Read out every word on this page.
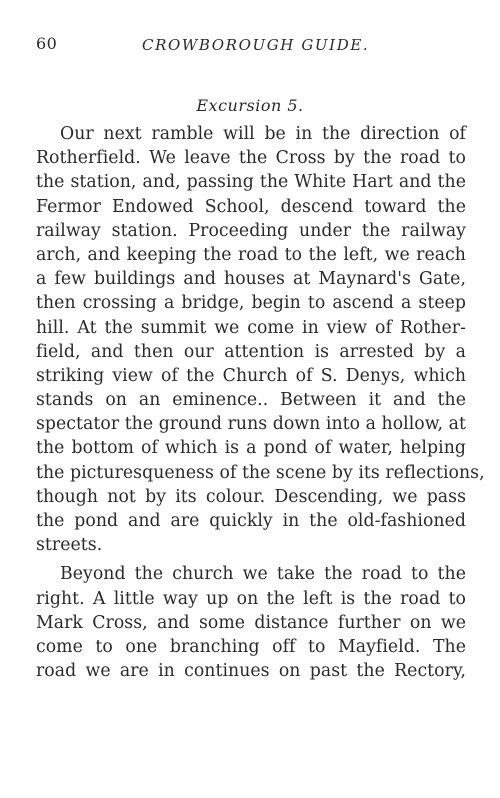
60	CROWBOROUGH GUIDE.
Excursion 5.
Our next ramble will be in the direction of
Rotherfield. We leave the Cross by the road to
the station, and, passing the White Hart and the
Fermor Endowed School, descend toward the
railway station. Proceeding under the railway
arch, and keeping the road to the left, we reach
a few buildings and houses at Maynard's Gate,
then crossing a bridge, begin to ascend a steep
hill. At the summit we come in view of Rother-
field, and then our attention is arrested by a
striking view of the Church of S. Denys, which
stands on an eminence.. Between it and the
spectator the ground runs down into a hollow, at
the bottom of which is a pond of water, helping
the picturesqueness of the scene by its reflections,
though not by its colour. Descending, we pass
the pond and are quickly in the old-fashioned
streets.
Beyond the church we take the road to the
right. A little way up on the left is the road to
Mark Cross, and some distance further on we
come to one branching off to Mayfield. The
road we are in continues on past the Rectory,
